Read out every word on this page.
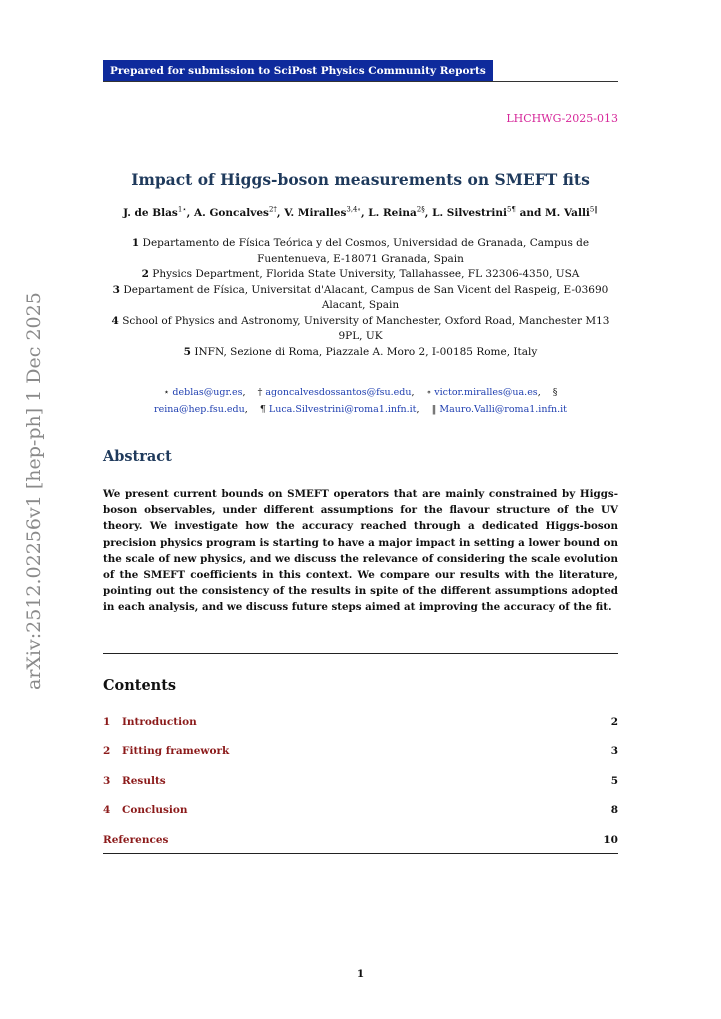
Prepared for submission to SciPost Physics Community Reports
LHCHWG-2025-013
arXiv:2512.02256v1 [hep-ph] 1 Dec 2025
Impact of Higgs-boson measurements on SMEFT fits
J. de Blas$^{1⋆}$, A. Goncalves$^{2\dagger}$, V. Miralles$^{3,4\circ}$, L. Reina$^{2\S}$, L. Silvestrini$^{5\P}$ and M. Valli$^{5‖}$
1 Departamento de Física Teórica y del Cosmos, Universidad de Granada, Campus de Fuentenueva, E-18071 Granada, Spain
2 Physics Department, Florida State University, Tallahassee, FL 32306-4350, USA
3 Departament de Física, Universitat d'Alacant, Campus de San Vicent del Raspeig, E-03690 Alacant, Spain
4 School of Physics and Astronomy, University of Manchester, Oxford Road, Manchester M13 9PL, UK
5 INFN, Sezione di Roma, Piazzale A. Moro 2, I-00185 Rome, Italy
⋆ deblas@ugr.es,    † agoncalvesdossantos@fsu.edu,    ∘ victor.miralles@ua.es,    §
reina@hep.fsu.edu,    ¶ Luca.Silvestrini@roma1.infn.it,    ‖ Mauro.Valli@roma1.infn.it
Abstract
We present current bounds on SMEFT operators that are mainly constrained by Higgs-boson observables, under different assumptions for the flavour structure of the UV theory. We investigate how the accuracy reached through a dedicated Higgs-boson precision physics program is starting to have a major impact in setting a lower bound on the scale of new physics, and we discuss the relevance of considering the scale evolution of the SMEFT coefficients in this context. We compare our results with the literature, pointing out the consistency of the results in spite of the different assumptions adopted in each analysis, and we discuss future steps aimed at improving the accuracy of the fit.
Contents
1 Introduction	2
2 Fitting framework	3
3 Results	5
4 Conclusion	8
References	10
1
